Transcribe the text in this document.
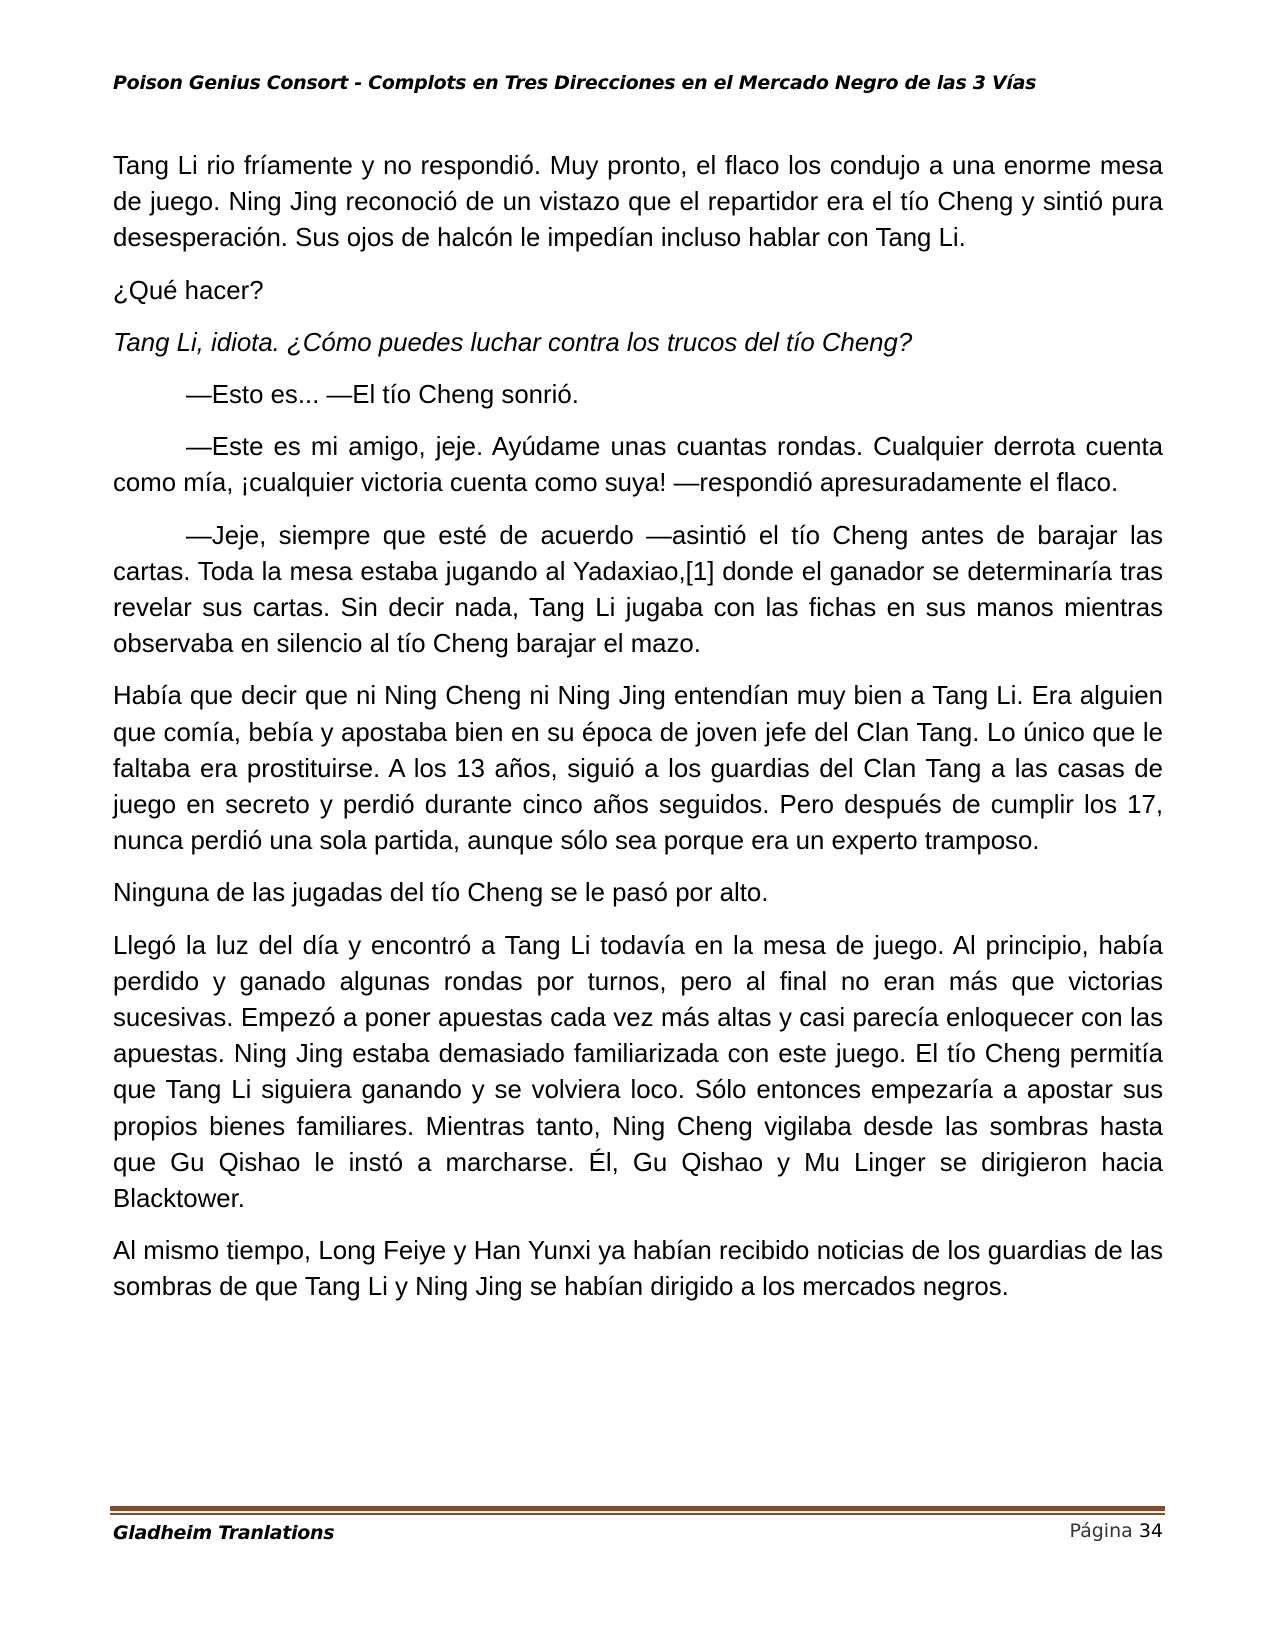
Poison Genius Consort - Complots en Tres Direcciones en el Mercado Negro de las 3 Vías

Tang Li rio fríamente y no respondió. Muy pronto, el flaco los condujo a una enorme mesa de juego. Ning Jing reconoció de un vistazo que el repartidor era el tío Cheng y sintió pura desesperación. Sus ojos de halcón le impedían incluso hablar con Tang Li.

¿Qué hacer?

Tang Li, idiota. ¿Cómo puedes luchar contra los trucos del tío Cheng?

—Esto es... —El tío Cheng sonrió.

—Este es mi amigo, jeje. Ayúdame unas cuantas rondas. Cualquier derrota cuenta como mía, ¡cualquier victoria cuenta como suya! —respondió apresuradamente el flaco.

—Jeje, siempre que esté de acuerdo —asintió el tío Cheng antes de barajar las cartas. Toda la mesa estaba jugando al Yadaxiao,[1] donde el ganador se determinaría tras revelar sus cartas. Sin decir nada, Tang Li jugaba con las fichas en sus manos mientras observaba en silencio al tío Cheng barajar el mazo.

Había que decir que ni Ning Cheng ni Ning Jing entendían muy bien a Tang Li. Era alguien que comía, bebía y apostaba bien en su época de joven jefe del Clan Tang. Lo único que le faltaba era prostituirse. A los 13 años, siguió a los guardias del Clan Tang a las casas de juego en secreto y perdió durante cinco años seguidos. Pero después de cumplir los 17, nunca perdió una sola partida, aunque sólo sea porque era un experto tramposo.

Ninguna de las jugadas del tío Cheng se le pasó por alto.

Llegó la luz del día y encontró a Tang Li todavía en la mesa de juego. Al principio, había perdido y ganado algunas rondas por turnos, pero al final no eran más que victorias sucesivas. Empezó a poner apuestas cada vez más altas y casi parecía enloquecer con las apuestas. Ning Jing estaba demasiado familiarizada con este juego. El tío Cheng permitía que Tang Li siguiera ganando y se volviera loco. Sólo entonces empezaría a apostar sus propios bienes familiares. Mientras tanto, Ning Cheng vigilaba desde las sombras hasta que Gu Qishao le instó a marcharse. Él, Gu Qishao y Mu Linger se dirigieron hacia Blacktower.

Al mismo tiempo, Long Feiye y Han Yunxi ya habían recibido noticias de los guardias de las sombras de que Tang Li y Ning Jing se habían dirigido a los mercados negros.

Gladheim Tranlations	Página 34
